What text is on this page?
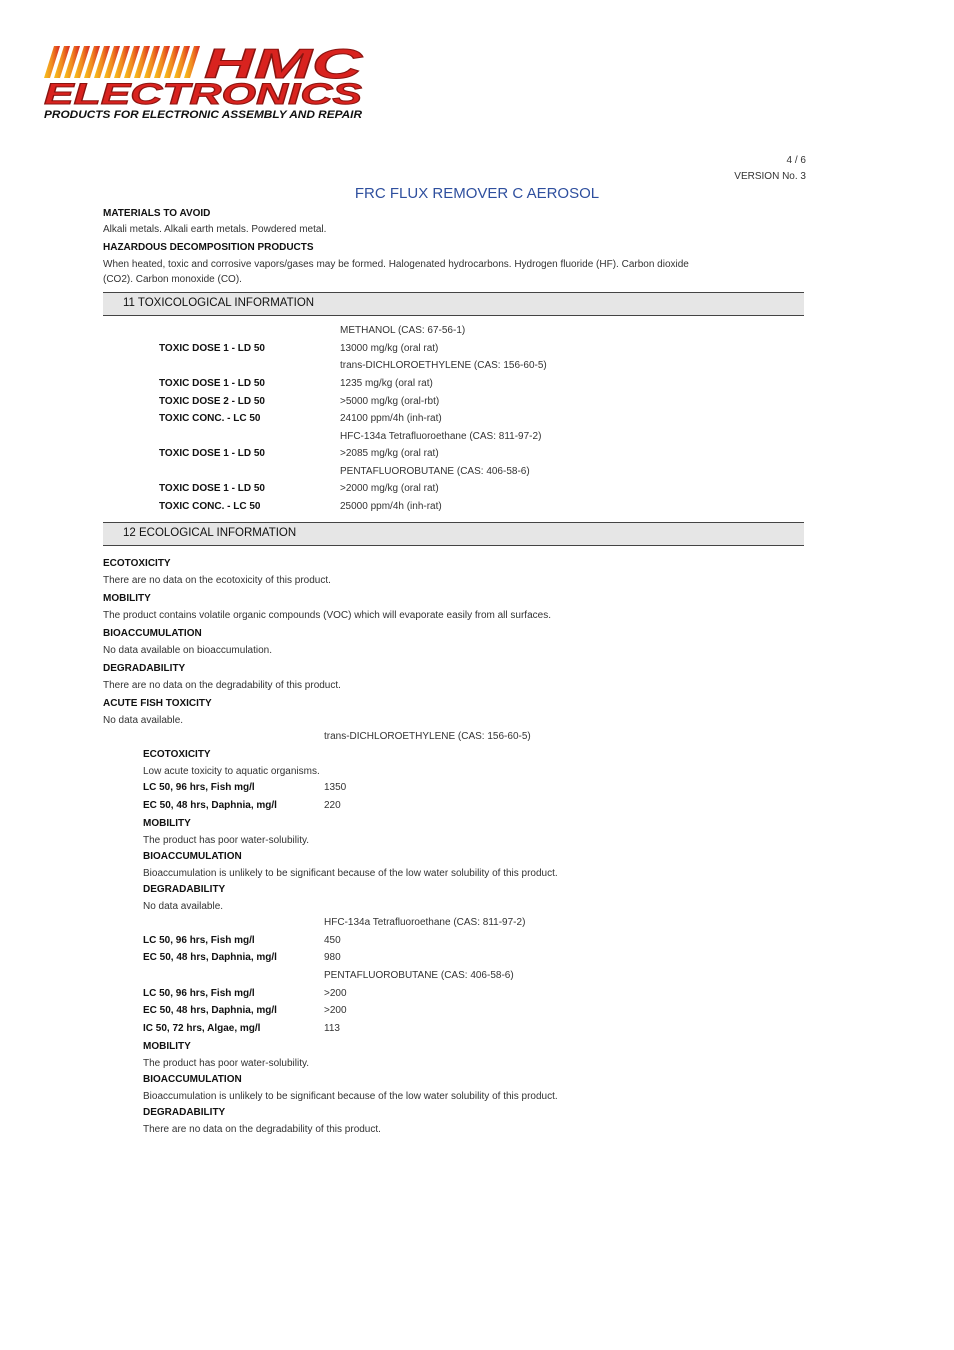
HMC
ELECTRONICS
PRODUCTS FOR ELECTRONIC ASSEMBLY AND REPAIR
4 / 6
VERSION No. 3
FRC FLUX REMOVER C AEROSOL
MATERIALS TO AVOID
Alkali metals. Alkali earth metals. Powdered metal.
HAZARDOUS DECOMPOSITION PRODUCTS
When heated, toxic and corrosive vapors/gases may be formed. Halogenated hydrocarbons. Hydrogen fluoride (HF). Carbon dioxide
(CO2). Carbon monoxide (CO).
11 TOXICOLOGICAL INFORMATION
METHANOL (CAS: 67-56-1)
TOXIC DOSE 1 - LD 50	13000 mg/kg (oral rat)
trans-DICHLOROETHYLENE (CAS: 156-60-5)
TOXIC DOSE 1 - LD 50	1235 mg/kg (oral rat)
TOXIC DOSE 2 - LD 50	>5000 mg/kg (oral-rbt)
TOXIC CONC. - LC 50	24100 ppm/4h (inh-rat)
HFC-134a Tetrafluoroethane (CAS: 811-97-2)
TOXIC DOSE 1 - LD 50	>2085 mg/kg (oral rat)
PENTAFLUOROBUTANE (CAS: 406-58-6)
TOXIC DOSE 1 - LD 50	>2000 mg/kg (oral rat)
TOXIC CONC. - LC 50	25000 ppm/4h (inh-rat)
12 ECOLOGICAL INFORMATION
ECOTOXICITY
There are no data on the ecotoxicity of this product.
MOBILITY
The product contains volatile organic compounds (VOC) which will evaporate easily from all surfaces.
BIOACCUMULATION
No data available on bioaccumulation.
DEGRADABILITY
There are no data on the degradability of this product.
ACUTE FISH TOXICITY
No data available.
trans-DICHLOROETHYLENE (CAS: 156-60-5)
ECOTOXICITY
Low acute toxicity to aquatic organisms.
LC 50, 96 hrs, Fish mg/l	1350
EC 50, 48 hrs, Daphnia, mg/l	220
MOBILITY
The product has poor water-solubility.
BIOACCUMULATION
Bioaccumulation is unlikely to be significant because of the low water solubility of this product.
DEGRADABILITY
No data available.
HFC-134a Tetrafluoroethane (CAS: 811-97-2)
LC 50, 96 hrs, Fish mg/l	450
EC 50, 48 hrs, Daphnia, mg/l	980
PENTAFLUOROBUTANE (CAS: 406-58-6)
LC 50, 96 hrs, Fish mg/l	>200
EC 50, 48 hrs, Daphnia, mg/l	>200
IC 50, 72 hrs, Algae, mg/l	113
MOBILITY
The product has poor water-solubility.
BIOACCUMULATION
Bioaccumulation is unlikely to be significant because of the low water solubility of this product.
DEGRADABILITY
There are no data on the degradability of this product.
